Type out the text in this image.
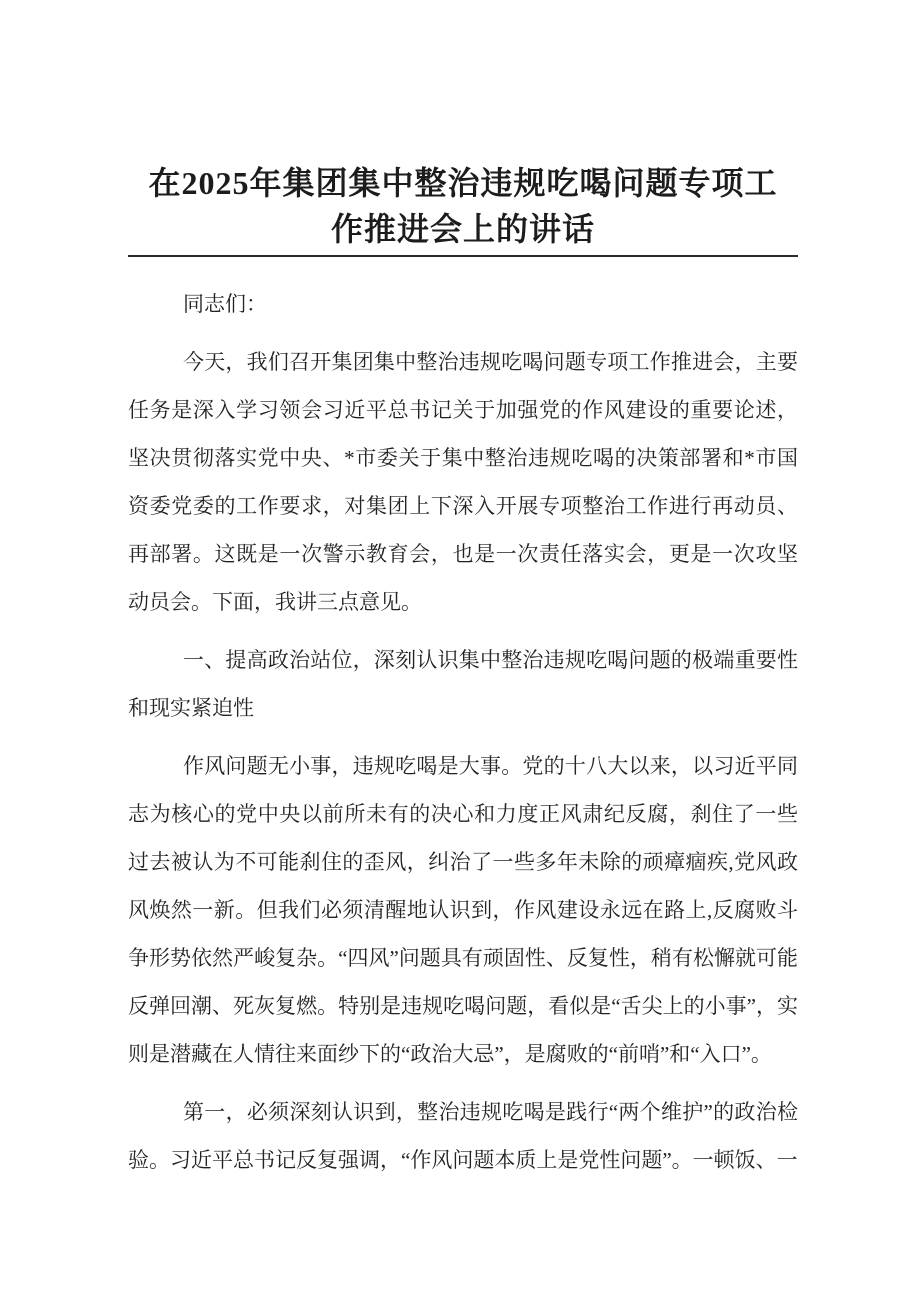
在2025年集团集中整治违规吃喝问题专项工
作推进会上的讲话

同志们：

今天，我们召开集团集中整治违规吃喝问题专项工作推进会，主要任务是深入学习领会习近平总书记关于加强党的作风建设的重要论述，坚决贯彻落实党中央、*市委关于集中整治违规吃喝的决策部署和*市国资委党委的工作要求，对集团上下深入开展专项整治工作进行再动员、再部署。这既是一次警示教育会，也是一次责任落实会，更是一次攻坚动员会。下面，我讲三点意见。

一、提高政治站位，深刻认识集中整治违规吃喝问题的极端重要性和现实紧迫性

作风问题无小事，违规吃喝是大事。党的十八大以来，以习近平同志为核心的党中央以前所未有的决心和力度正风肃纪反腐，刹住了一些过去被认为不可能刹住的歪风，纠治了一些多年未除的顽瘴痼疾,党风政风焕然一新。但我们必须清醒地认识到，作风建设永远在路上,反腐败斗争形势依然严峻复杂。“四风”问题具有顽固性、反复性，稍有松懈就可能反弹回潮、死灰复燃。特别是违规吃喝问题，看似是“舌尖上的小事”，实则是潜藏在人情往来面纱下的“政治大忌”，是腐败的“前哨”和“入口”。

第一，必须深刻认识到，整治违规吃喝是践行“两个维护”的政治检验。习近平总书记反复强调，“作风问题本质上是党性问题”。一顿饭、一
